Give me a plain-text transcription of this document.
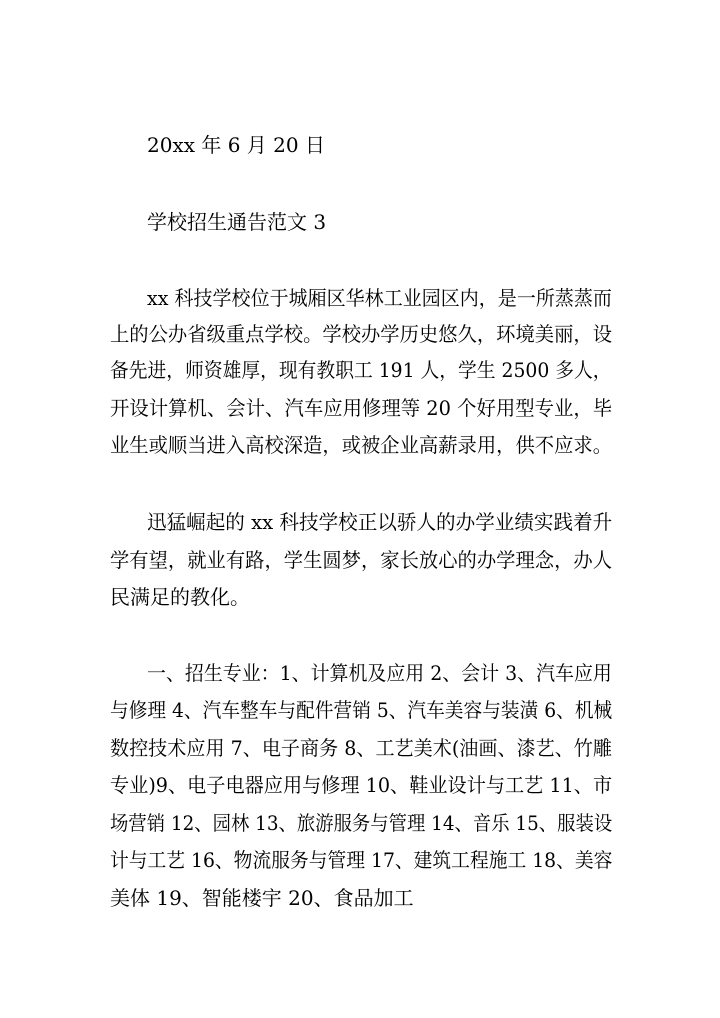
20xx 年 6 月 20 日
学校招生通告范文 3
xx 科技学校位于城厢区华林工业园区内，是一所蒸蒸而
上的公办省级重点学校。学校办学历史悠久，环境美丽，设
备先进，师资雄厚，现有教职工 191 人，学生 2500 多人，
开设计算机、会计、汽车应用修理等 20 个好用型专业，毕
业生或顺当进入高校深造，或被企业高薪录用，供不应求。
迅猛崛起的 xx 科技学校正以骄人的办学业绩实践着升
学有望，就业有路，学生圆梦，家长放心的办学理念，办人
民满足的教化。
一、招生专业：1、计算机及应用 2、会计 3、汽车应用
与修理 4、汽车整车与配件营销 5、汽车美容与装潢 6、机械
数控技术应用 7、电子商务 8、工艺美术(油画、漆艺、竹雕
专业)9、电子电器应用与修理 10、鞋业设计与工艺 11、市
场营销 12、园林 13、旅游服务与管理 14、音乐 15、服装设
计与工艺 16、物流服务与管理 17、建筑工程施工 18、美容
美体 19、智能楼宇 20、食品加工
